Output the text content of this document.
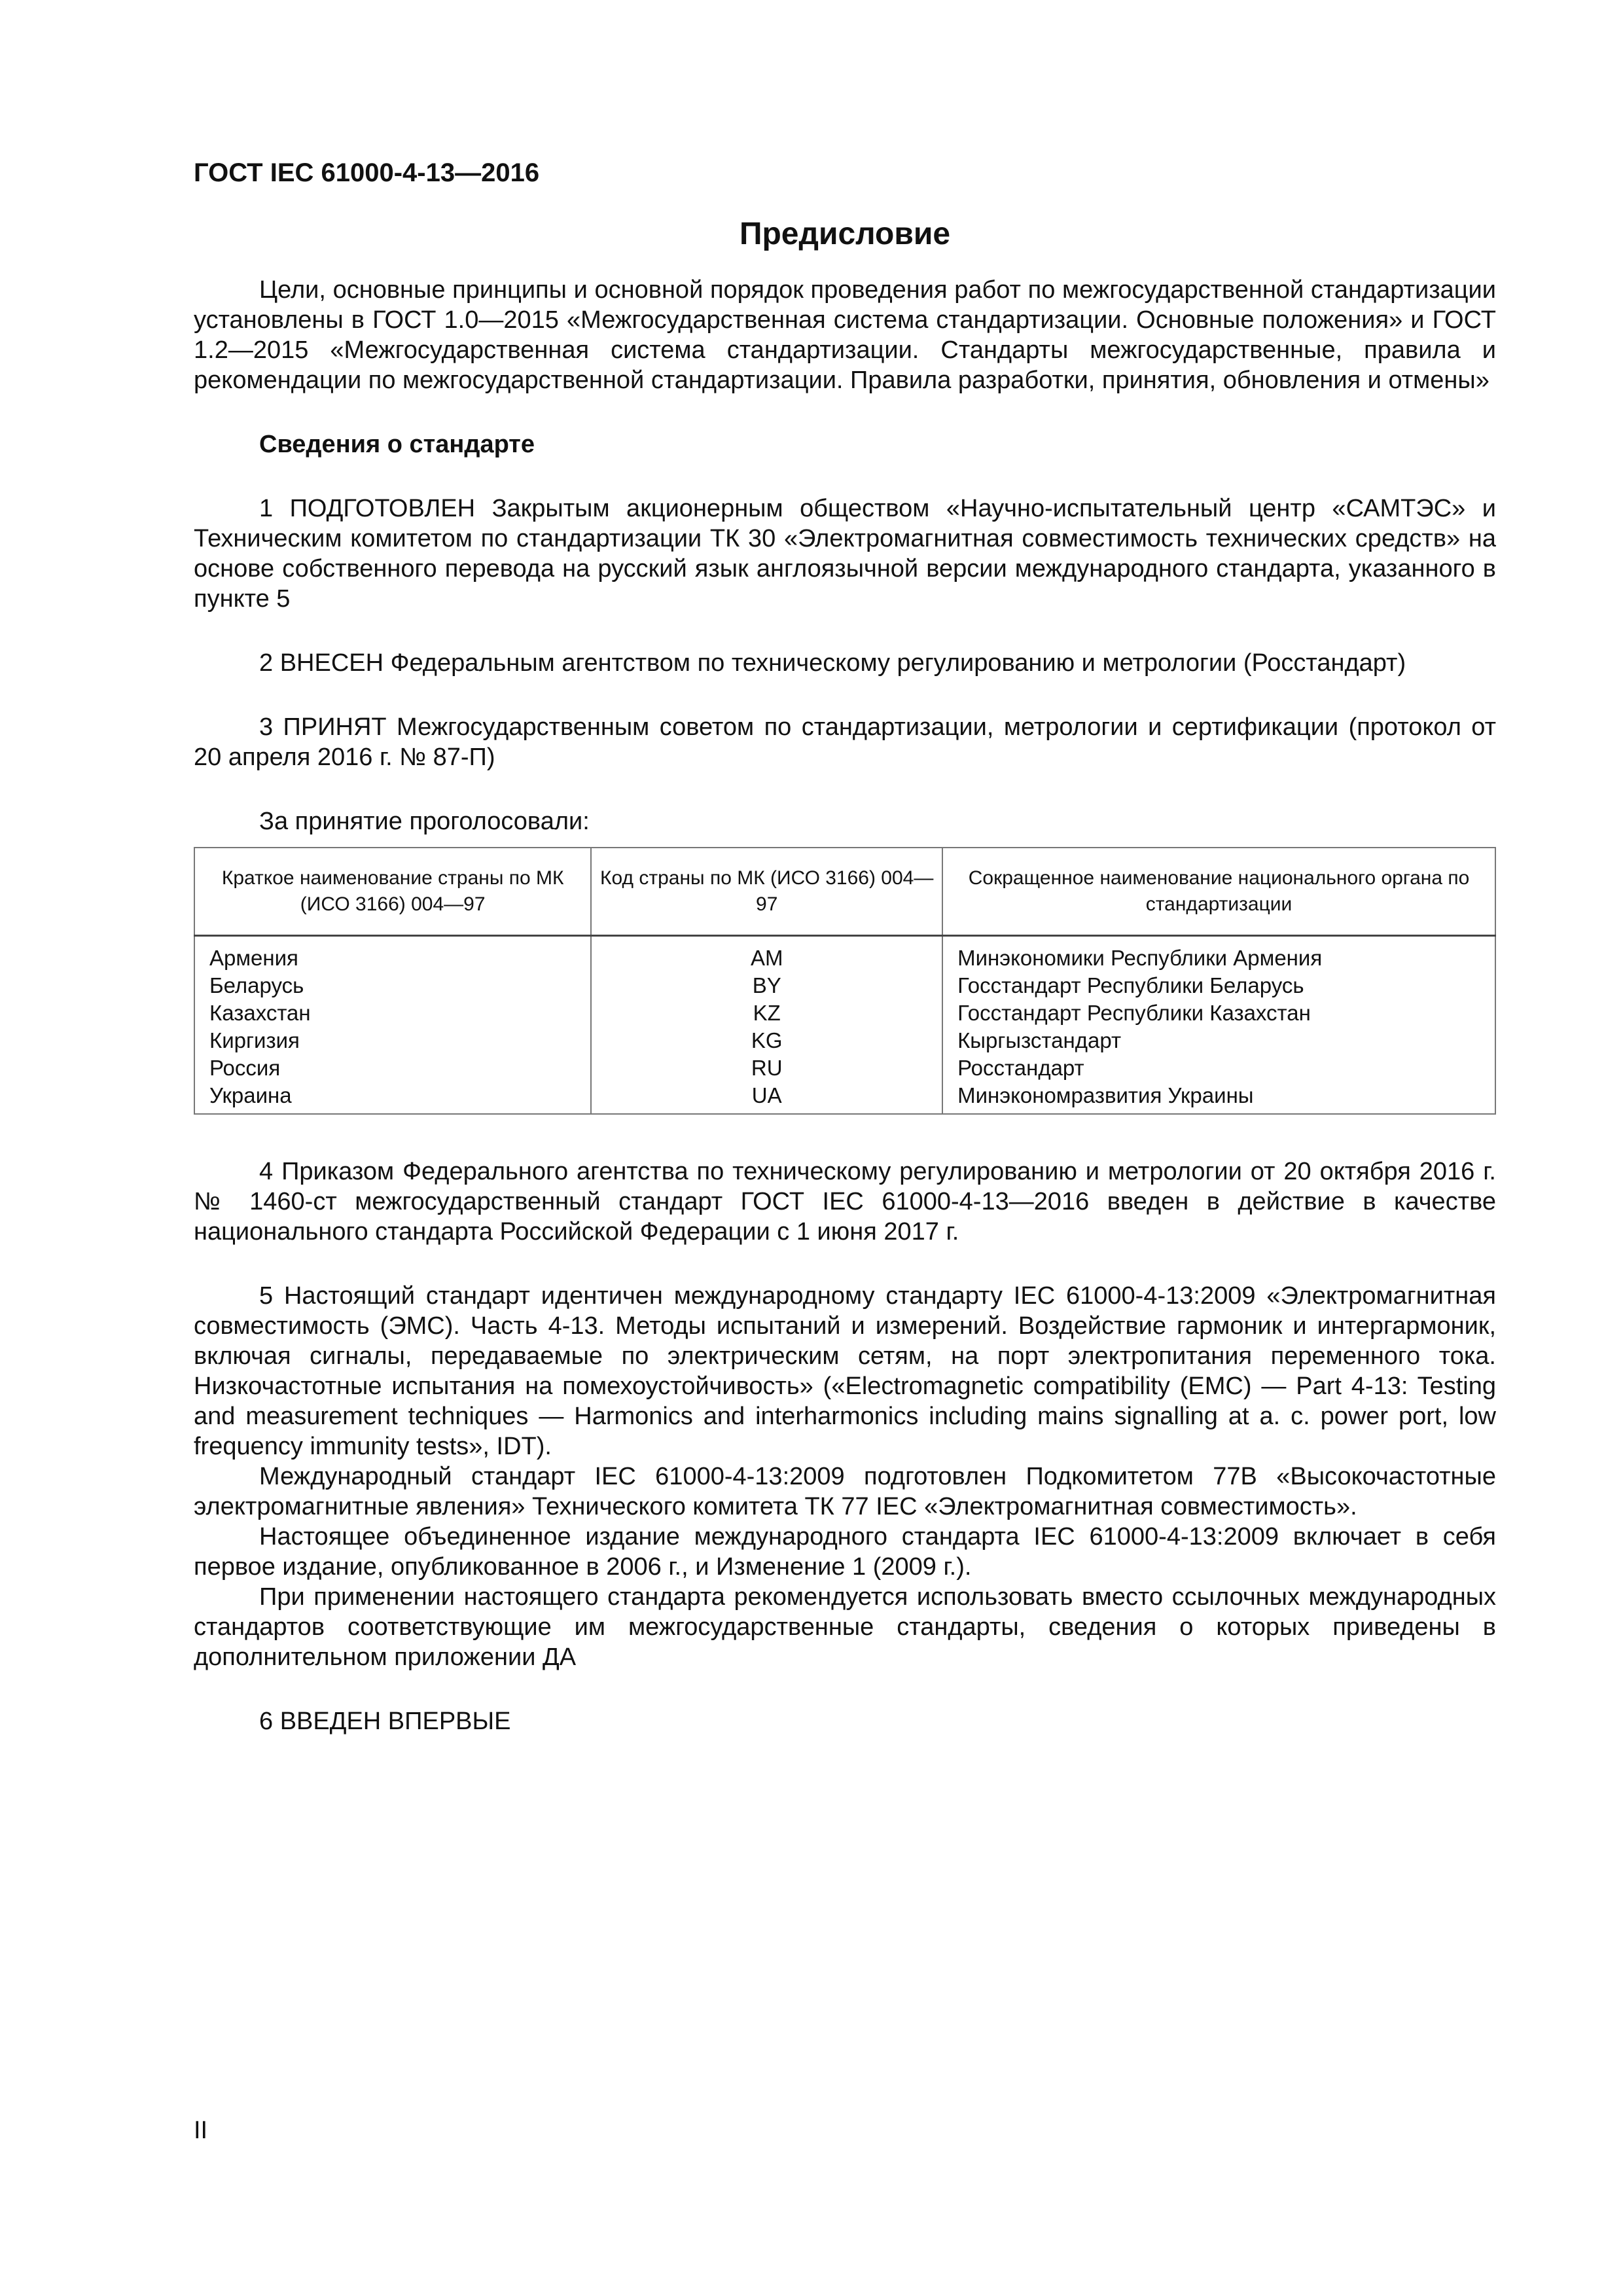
ГОСТ IEC 61000-4-13—2016

Предисловие

Цели, основные принципы и основной порядок проведения работ по межгосударственной стандартизации установлены в ГОСТ 1.0—2015 «Межгосударственная система стандартизации. Основные положения» и ГОСТ 1.2—2015 «Межгосударственная система стандартизации. Стандарты межгосударственные, правила и рекомендации по межгосударственной стандартизации. Правила разработки, принятия, обновления и отмены»

Сведения о стандарте

1 ПОДГОТОВЛЕН Закрытым акционерным обществом «Научно-испытательный центр «САМТЭС» и Техническим комитетом по стандартизации ТК 30 «Электромагнитная совместимость технических средств» на основе собственного перевода на русский язык англоязычной версии международного стандарта, указанного в пункте 5

2 ВНЕСЕН Федеральным агентством по техническому регулированию и метрологии (Росстандарт)

3 ПРИНЯТ Межгосударственным советом по стандартизации, метрологии и сертификации (протокол от 20 апреля 2016 г. № 87-П)

За принятие проголосовали:

Краткое наименование страны по МК (ИСО 3166) 004—97	Код страны по МК (ИСО 3166) 004—97	Сокращенное наименование национального органа по стандартизации
Армения	AM	Минэкономики Республики Армения
Беларусь	BY	Госстандарт Республики Беларусь
Казахстан	KZ	Госстандарт Республики Казахстан
Киргизия	KG	Кыргызстандарт
Россия	RU	Росстандарт
Украина	UA	Минэкономразвития Украины

4 Приказом Федерального агентства по техническому регулированию и метрологии от 20 октября 2016 г. № 1460-ст межгосударственный стандарт ГОСТ IEC 61000-4-13—2016 введен в действие в качестве национального стандарта Российской Федерации с 1 июня 2017 г.

5 Настоящий стандарт идентичен международному стандарту IEC 61000-4-13:2009 «Электромагнитная совместимость (ЭМС). Часть 4-13. Методы испытаний и измерений. Воздействие гармоник и интергармоник, включая сигналы, передаваемые по электрическим сетям, на порт электропитания переменного тока. Низкочастотные испытания на помехоустойчивость» («Electromagnetic compatibility (EMC) — Part 4-13: Testing and measurement techniques — Harmonics and interharmonics including mains signalling at a. c. power port, low frequency immunity tests», IDT).

Международный стандарт IEC 61000-4-13:2009 подготовлен Подкомитетом 77В «Высокочастотные электромагнитные явления» Технического комитета ТК 77 IEC «Электромагнитная совместимость».

Настоящее объединенное издание международного стандарта IEC 61000-4-13:2009 включает в себя первое издание, опубликованное в 2006 г., и Изменение 1 (2009 г.).

При применении настоящего стандарта рекомендуется использовать вместо ссылочных международных стандартов соответствующие им межгосударственные стандарты, сведения о которых приведены в дополнительном приложении ДА

6 ВВЕДЕН ВПЕРВЫЕ

II
